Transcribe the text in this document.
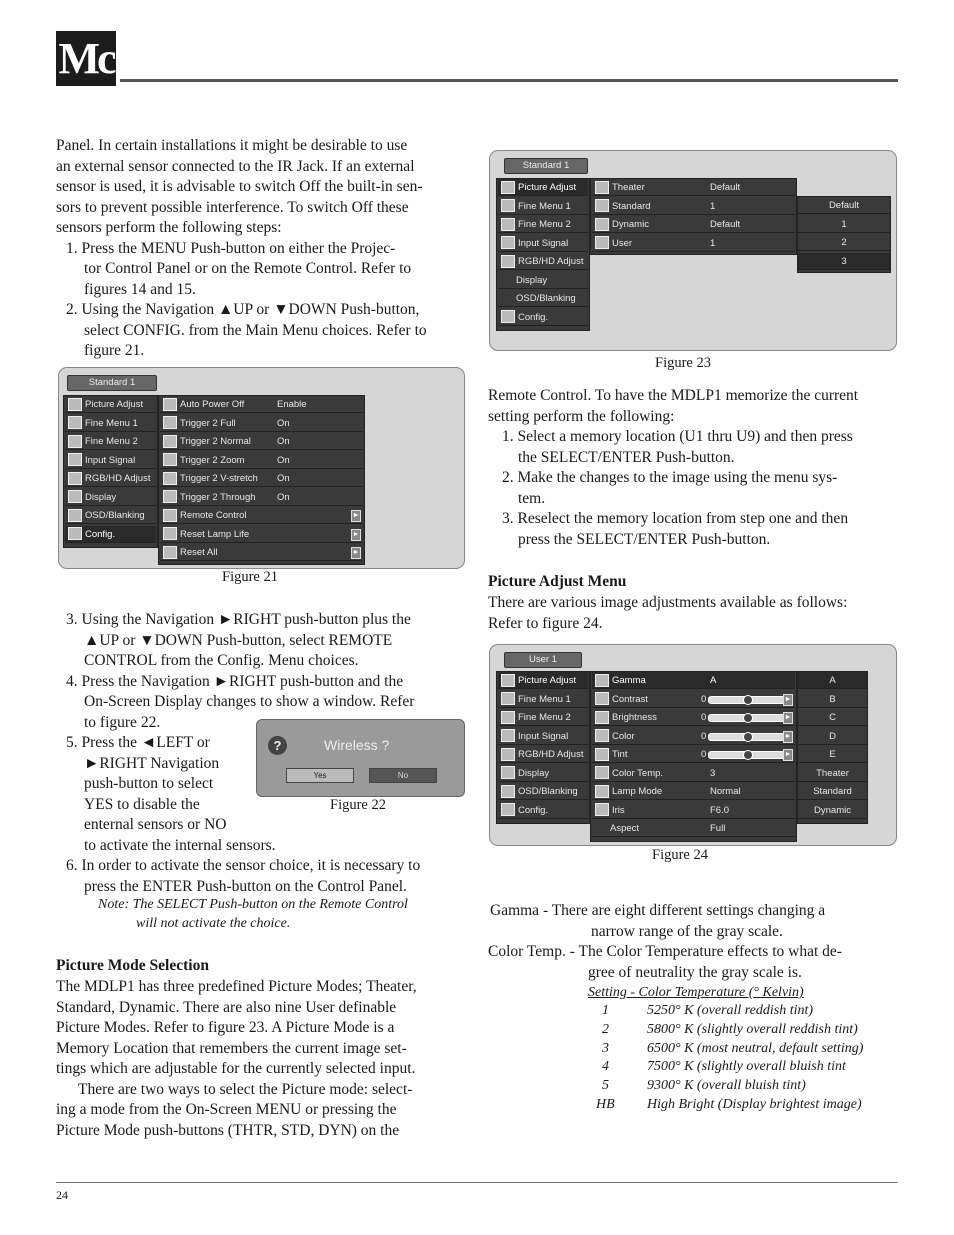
Mc
Panel. In certain installations it might be desirable to use
an external sensor connected to the IR Jack. If an external
sensor is used, it is advisable to switch Off the built-in sen-
sors to prevent possible interference. To switch Off these
sensors perform the following steps:
1. Press the MENU Push-button on either the Projec-
tor Control Panel or on the Remote Control. Refer to
figures 14 and 15.
2. Using the Navigation ▲UP or ▼DOWN Push-button,
select CONFIG. from the Main Menu choices. Refer to
figure 21.
Standard 1
Picture Adjust
Fine Menu 1
Fine Menu 2
Input Signal
RGB/HD Adjust
Display
OSD/Blanking
Config.
Auto Power Off	Enable
Trigger 2 Full	On
Trigger 2 Normal	On
Trigger 2 Zoom	On
Trigger 2 V-stretch On
Trigger 2 Through On
Remote Control	►
Reset Lamp Life	►
Reset All	►
Figure 21
3. Using the Navigation ►RIGHT push-button plus the
▲UP or ▼DOWN Push-button, select REMOTE
CONTROL from the Config. Menu choices.
4. Press the Navigation ►RIGHT push-button and the
On-Screen Display changes to show a window. Refer
to figure 22.
5. Press the ◄LEFT or
►RIGHT Navigation
push-button to select
YES to disable the
enternal sensors or NO
to activate the internal sensors.
6. In order to activate the sensor choice, it is necessary to
press the ENTER Push-button on the Control Panel.
Note: The SELECT Push-button on the Remote Control
will not activate the choice.
?	Wireless ?
Yes	No
Figure 22
Picture Mode Selection
The MDLP1 has three predefined Picture Modes; Theater,
Standard, Dynamic. There are also nine User definable
Picture Modes. Refer to figure 23. A Picture Mode is a
Memory Location that remembers the current image set-
tings which are adjustable for the currently selected input.
There are two ways to select the Picture mode: select-
ing a mode from the On-Screen MENU or pressing the
Picture Mode push-buttons (THTR, STD, DYN) on the
Standard 1
Picture Adjust
Fine Menu 1
Fine Menu 2
Input Signal
RGB/HD Adjust
Display
OSD/Blanking
Config.
Theater	Default
Standard	1
Dynamic	Default
User	1
Default
1
2
3
Figure 23
Remote Control. To have the MDLP1 memorize the current
setting perform the following:
1. Select a memory location (U1 thru U9) and then press
the SELECT/ENTER Push-button.
2. Make the changes to the image using the menu sys-
tem.
3. Reselect the memory location from step one and then
press the SELECT/ENTER Push-button.
Picture Adjust Menu
There are various image adjustments available as follows:
Refer to figure 24.
User 1
Picture Adjust
Fine Menu 1
Fine Menu 2
Input Signal
RGB/HD Adjust
Display
OSD/Blanking
Config.
Gamma	A
Contrast	0	►
Brightness	0	►
Color	0	►
Tint	0	►
Color Temp.	3
Lamp Mode	Normal
Iris	F6.0
Aspect	Full
A
B
C
D
E
Theater
Standard
Dynamic
Figure 24
Gamma - There are eight different settings changing a
narrow range of the gray scale.
Color Temp. - The Color Temperature effects to what de-
gree of neutrality the gray scale is.
Setting - Color Temperature (° Kelvin)
1	5250° K (overall reddish tint)
2	5800° K (slightly overall reddish tint)
3	6500° K (most neutral, default setting)
4	7500° K (slightly overall bluish tint
5	9300° K (overall bluish tint)
HB High Bright (Display brightest image)
24
